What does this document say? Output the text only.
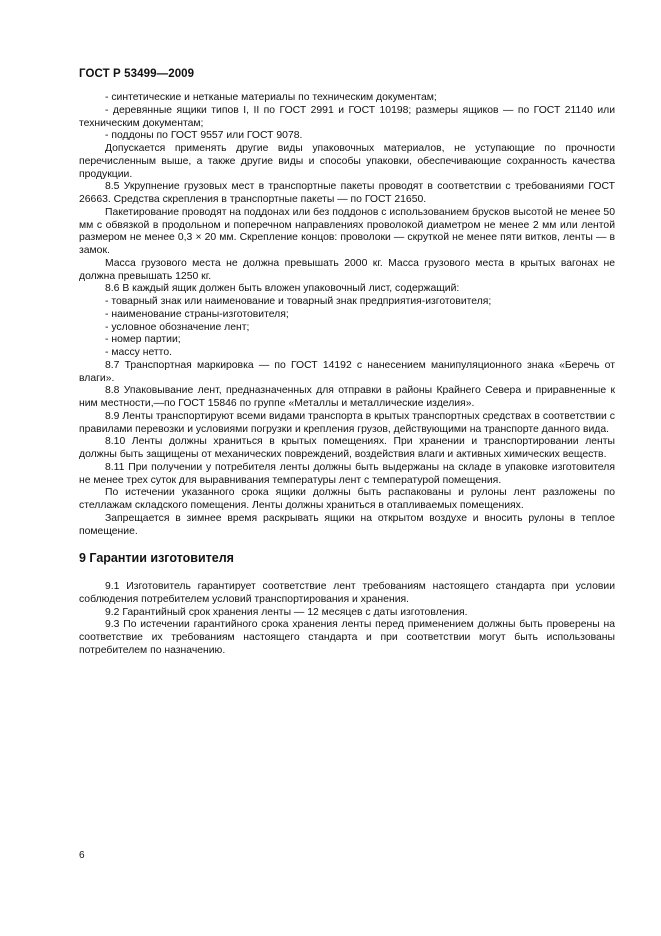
ГОСТ Р 53499—2009

- синтетические и нетканые материалы по техническим документам;

- деревянные ящики типов I, II по ГОСТ 2991 и ГОСТ 10198; размеры ящиков — по ГОСТ 21140 или техническим документам;

- поддоны по ГОСТ 9557 или ГОСТ 9078.

Допускается применять другие виды упаковочных материалов, не уступающие по прочности перечисленным выше, а также другие виды и способы упаковки, обеспечивающие сохранность качества продукции.

8.5 Укрупнение грузовых мест в транспортные пакеты проводят в соответствии с требованиями ГОСТ 26663. Средства скрепления в транспортные пакеты — по ГОСТ 21650.

Пакетирование проводят на поддонах или без поддонов с использованием брусков высотой не менее 50 мм с обвязкой в продольном и поперечном направлениях проволокой диаметром не менее 2 мм или лентой размером не менее 0,3 × 20 мм. Скрепление концов: проволоки — скруткой не менее пяти витков, ленты — в замок.

Масса грузового места не должна превышать 2000 кг. Масса грузового места в крытых вагонах не должна превышать 1250 кг.

8.6 В каждый ящик должен быть вложен упаковочный лист, содержащий:

- товарный знак или наименование и товарный знак предприятия-изготовителя;

- наименование страны-изготовителя;

- условное обозначение лент;

- номер партии;

- массу нетто.

8.7 Транспортная маркировка — по ГОСТ 14192 с нанесением манипуляционного знака «Беречь от влаги».

8.8 Упаковывание лент, предназначенных для отправки в районы Крайнего Севера и приравненные к ним местности,—по ГОСТ 15846 по группе «Металлы и металлические изделия».

8.9 Ленты транспортируют всеми видами транспорта в крытых транспортных средствах в соответствии с правилами перевозки и условиями погрузки и крепления грузов, действующими на транспорте данного вида.

8.10 Ленты должны храниться в крытых помещениях. При хранении и транспортировании ленты должны быть защищены от механических повреждений, воздействия влаги и активных химических веществ.

8.11 При получении у потребителя ленты должны быть выдержаны на складе в упаковке изготовителя не менее трех суток для выравнивания температуры лент с температурой помещения.

По истечении указанного срока ящики должны быть распакованы и рулоны лент разложены по стеллажам складского помещения. Ленты должны храниться в отапливаемых помещениях.

Запрещается в зимнее время раскрывать ящики на открытом воздухе и вносить рулоны в теплое помещение.

9 Гарантии изготовителя

9.1 Изготовитель гарантирует соответствие лент требованиям настоящего стандарта при условии соблюдения потребителем условий транспортирования и хранения.

9.2 Гарантийный срок хранения ленты — 12 месяцев с даты изготовления.

9.3 По истечении гарантийного срока хранения ленты перед применением должны быть проверены на соответствие их требованиям настоящего стандарта и при соответствии могут быть использованы потребителем по назначению.

6
